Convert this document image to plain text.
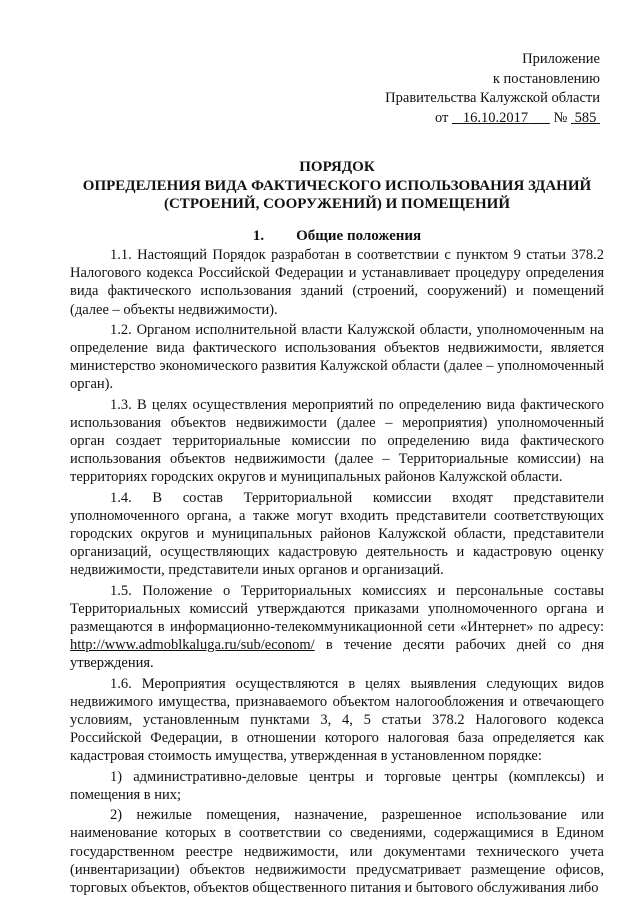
Приложение
к постановлению
Правительства Калужской области
от 16.10.2017 № 585
ПОРЯДОК
ОПРЕДЕЛЕНИЯ ВИДА ФАКТИЧЕСКОГО ИСПОЛЬЗОВАНИЯ ЗДАНИЙ
(СТРОЕНИЙ, СООРУЖЕНИЙ) И ПОМЕЩЕНИЙ
1. Общие положения

1.1. Настоящий Порядок разработан в соответствии с пунктом 9 статьи 378.2 Налогового кодекса Российской Федерации и устанавливает процедуру определения вида фактического использования зданий (строений, сооружений) и помещений (далее – объекты недвижимости).

1.2. Органом исполнительной власти Калужской области, уполномоченным на определение вида фактического использования объектов недвижимости, является министерство экономического развития Калужской области (далее – уполномоченный орган).

1.3. В целях осуществления мероприятий по определению вида фактического использования объектов недвижимости (далее – мероприятия) уполномоченный орган создает территориальные комиссии по определению вида фактического использования объектов недвижимости (далее – Территориальные комиссии) на территориях городских округов и муниципальных районов Калужской области.

1.4. В состав Территориальной комиссии входят представители уполномоченного органа, а также могут входить представители соответствующих городских округов и муниципальных районов Калужской области, представители организаций, осуществляющих кадастровую деятельность и кадастровую оценку недвижимости, представители иных органов и организаций.

1.5. Положение о Территориальных комиссиях и персональные составы Территориальных комиссий утверждаются приказами уполномоченного органа и размещаются в информационно-телекоммуникационной сети «Интернет» по адресу: http://www.admoblkaluga.ru/sub/econom/ в течение десяти рабочих дней со дня утверждения.

1.6. Мероприятия осуществляются в целях выявления следующих видов недвижимого имущества, признаваемого объектом налогообложения и отвечающего условиям, установленным пунктами 3, 4, 5 статьи 378.2 Налогового кодекса Российской Федерации, в отношении которого налоговая база определяется как кадастровая стоимость имущества, утвержденная в установленном порядке:

1) административно-деловые центры и торговые центры (комплексы) и помещения в них;

2) нежилые помещения, назначение, разрешенное использование или наименование которых в соответствии со сведениями, содержащимися в Едином государственном реестре недвижимости, или документами технического учета (инвентаризации) объектов недвижимости предусматривает размещение офисов, торговых объектов, объектов общественного питания и бытового обслуживания либо
